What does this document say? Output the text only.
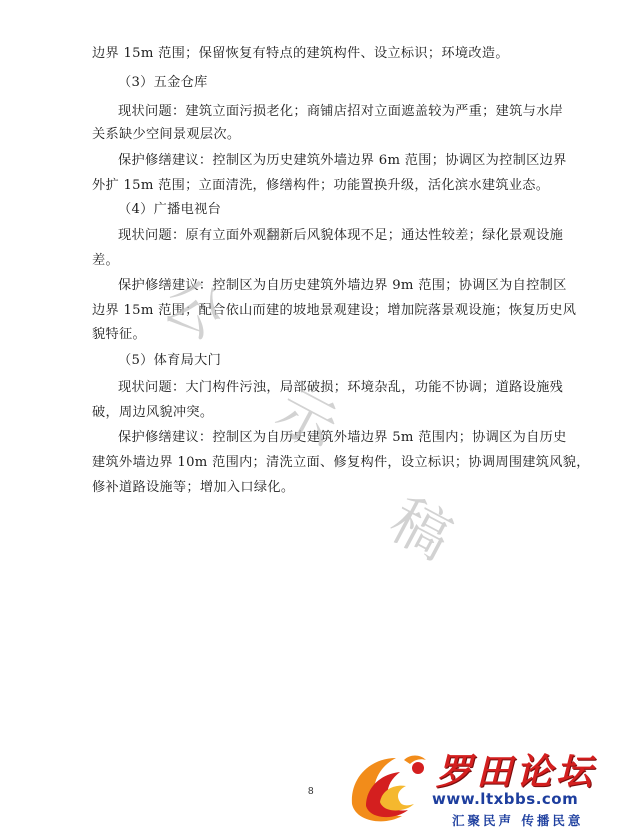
边界 15m 范围；保留恢复有特点的建筑构件、设立标识；环境改造。
（3）五金仓库
现状问题：建筑立面污损老化；商铺店招对立面遮盖较为严重；建筑与水岸
关系缺少空间景观层次。
保护修缮建议：控制区为历史建筑外墙边界 6m 范围；协调区为控制区边界
外扩 15m 范围；立面清洗，修缮构件；功能置换升级，活化滨水建筑业态。
（4）广播电视台
现状问题：原有立面外观翻新后风貌体现不足；通达性较差；绿化景观设施
差。
保护修缮建议：控制区为自历史建筑外墙边界 9m 范围；协调区为自控制区
边界 15m 范围；配合依山而建的坡地景观建设；增加院落景观设施；恢复历史风
貌特征。
（5）体育局大门
现状问题：大门构件污浊，局部破损；环境杂乱，功能不协调；道路设施残
破，周边风貌冲突。
保护修缮建议：控制区为自历史建筑外墙边界 5m 范围内；协调区为自历史
建筑外墙边界 10m 范围内；清洗立面、修复构件，设立标识；协调周围建筑风貌，
修补道路设施等；增加入口绿化。
公
示
稿
8	罗田论坛
www.ltxbbs.com
汇聚民声 传播民意
